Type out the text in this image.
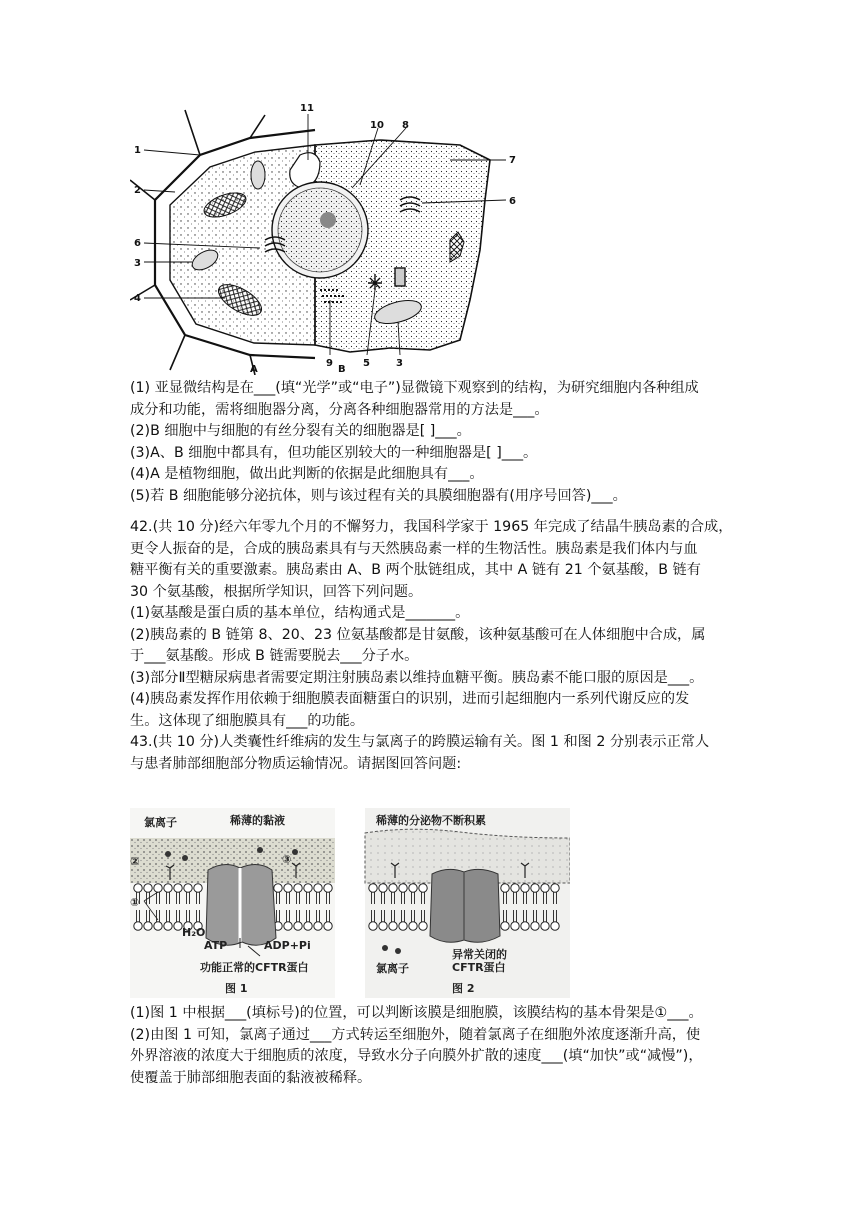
1
2
6
3
4
11
10 8
7
6
9	5	3
A	B

(1) 亚显微结构是在___(填“光学”或“电子”)显微镜下观察到的结构，为研究细胞内各种组成

成分和功能，需将细胞器分离，分离各种细胞器常用的方法是___。

(2)B 细胞中与细胞的有丝分裂有关的细胞器是[ ]___。

(3)A、B 细胞中都具有，但功能区别较大的一种细胞器是[ ]___。

(4)A 是植物细胞，做出此判断的依据是此细胞具有___。

(5)若 B 细胞能够分泌抗体，则与该过程有关的具膜细胞器有(用序号回答)___。

42.(共 10 分)经六年零九个月的不懈努力，我国科学家于 1965 年完成了结晶牛胰岛素的合成，

更令人振奋的是，合成的胰岛素具有与天然胰岛素一样的生物活性。胰岛素是我们体内与血

糖平衡有关的重要激素。胰岛素由 A、B 两个肽链组成，其中 A 链有 21 个氨基酸，B 链有

30 个氨基酸，根据所学知识，回答下列问题。

(1)氨基酸是蛋白质的基本单位，结构通式是_______。

(2)胰岛素的 B 链第 8、20、23 位氨基酸都是甘氨酸，该种氨基酸可在人体细胞中合成，属

于___氨基酸。形成 B 链需要脱去___分子水。

(3)部分Ⅱ型糖尿病患者需要定期注射胰岛素以维持血糖平衡。胰岛素不能口服的原因是___。

(4)胰岛素发挥作用依赖于细胞膜表面糖蛋白的识别，进而引起细胞内一系列代谢反应的发

生。这体现了细胞膜具有___的功能。

43.(共 10 分)人类囊性纤维病的发生与氯离子的跨膜运输有关。图 1 和图 2 分别表示正常人

与患者肺部细胞部分物质运输情况。请据图回答问题:

氯离子	稀薄的黏液
②	③
①
H₂O
ATP	ADP+Pi
功能正常的CFTR蛋白
图 1
稀薄的分泌物不断积累
异常关闭的
CFTR蛋白
氯离子
图 2

(1)图 1 中根据___(填标号)的位置，可以判断该膜是细胞膜，该膜结构的基本骨架是①___。

(2)由图 1 可知，氯离子通过___方式转运至细胞外，随着氯离子在细胞外浓度逐渐升高，使

外界溶液的浓度大于细胞质的浓度，导致水分子向膜外扩散的速度___(填“加快”或“减慢”)，

使覆盖于肺部细胞表面的黏液被稀释。
